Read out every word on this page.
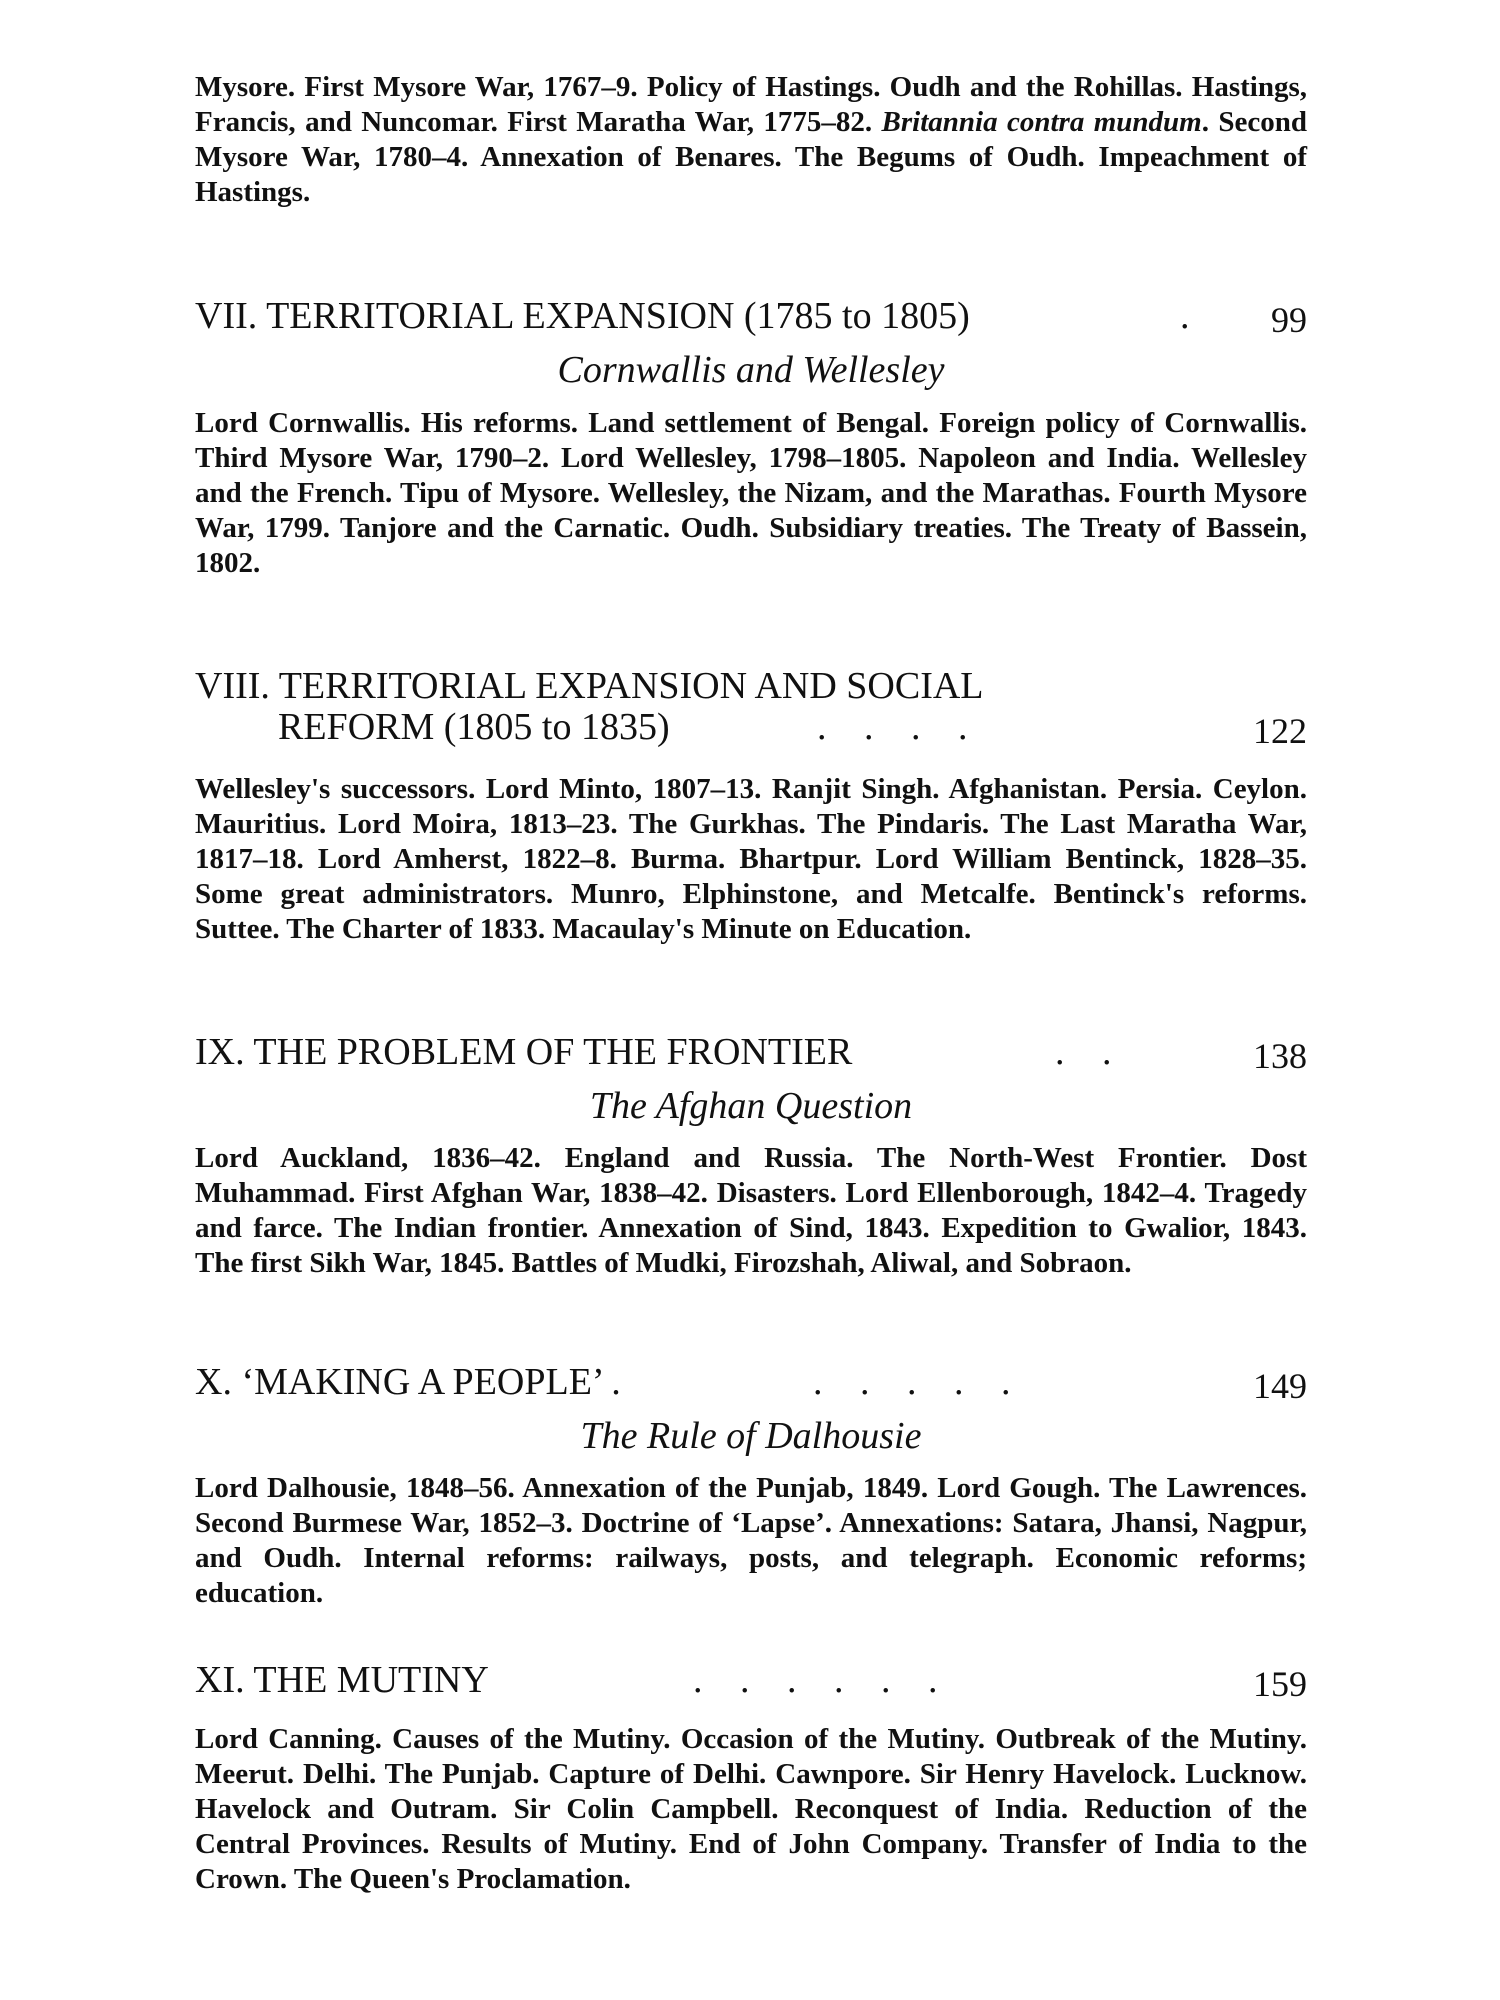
Mysore. First Mysore War, 1767–9. Policy of Hastings. Oudh and the Rohillas. Hastings, Francis, and Nuncomar. First Maratha War, 1775–82. Britannia contra mundum. Second Mysore War, 1780–4. Annexation of Benares. The Begums of Oudh. Impeachment of Hastings.

VII. TERRITORIAL EXPANSION (1785 to 1805)	. 99

Cornwallis and Wellesley

Lord Cornwallis. His reforms. Land settlement of Bengal. Foreign policy of Cornwallis. Third Mysore War, 1790–2. Lord Wellesley, 1798–1805. Napoleon and India. Wellesley and the French. Tipu of Mysore. Wellesley, the Nizam, and the Marathas. Fourth Mysore War, 1799. Tanjore and the Carnatic. Oudh. Subsidiary treaties. The Treaty of Bassein, 1802.

VIII. TERRITORIAL EXPANSION AND SOCIAL
REFORM (1805 to 1835)	. . . .	122

Wellesley's successors. Lord Minto, 1807–13. Ranjit Singh. Afghanistan. Persia. Ceylon. Mauritius. Lord Moira, 1813–23. The Gurkhas. The Pindaris. The Last Maratha War, 1817–18. Lord Amherst, 1822–8. Burma. Bhartpur. Lord William Bentinck, 1828–35. Some great administrators. Munro, Elphinstone, and Metcalfe. Bentinck's reforms. Suttee. The Charter of 1833. Macaulay's Minute on Education.

IX. THE PROBLEM OF THE FRONTIER	. .	138

The Afghan Question

Lord Auckland, 1836–42. England and Russia. The North-West Frontier. Dost Muhammad. First Afghan War, 1838–42. Disasters. Lord Ellenborough, 1842–4. Tragedy and farce. The Indian frontier. Annexation of Sind, 1843. Expedition to Gwalior, 1843. The first Sikh War, 1845. Battles of Mudki, Firozshah, Aliwal, and Sobraon.

X. ‘MAKING A PEOPLE’ .	. . . . .	149

The Rule of Dalhousie

Lord Dalhousie, 1848–56. Annexation of the Punjab, 1849. Lord Gough. The Lawrences. Second Burmese War, 1852–3. Doctrine of ‘Lapse’. Annexations: Satara, Jhansi, Nagpur, and Oudh. Internal reforms: railways, posts, and telegraph. Economic reforms; education.

XI. THE MUTINY	. . . . . .	159

Lord Canning. Causes of the Mutiny. Occasion of the Mutiny. Outbreak of the Mutiny. Meerut. Delhi. The Punjab. Capture of Delhi. Cawnpore. Sir Henry Havelock. Lucknow. Havelock and Outram. Sir Colin Campbell. Reconquest of India. Reduction of the Central Provinces. Results of Mutiny. End of John Company. Transfer of India to the Crown. The Queen's Proclamation.
